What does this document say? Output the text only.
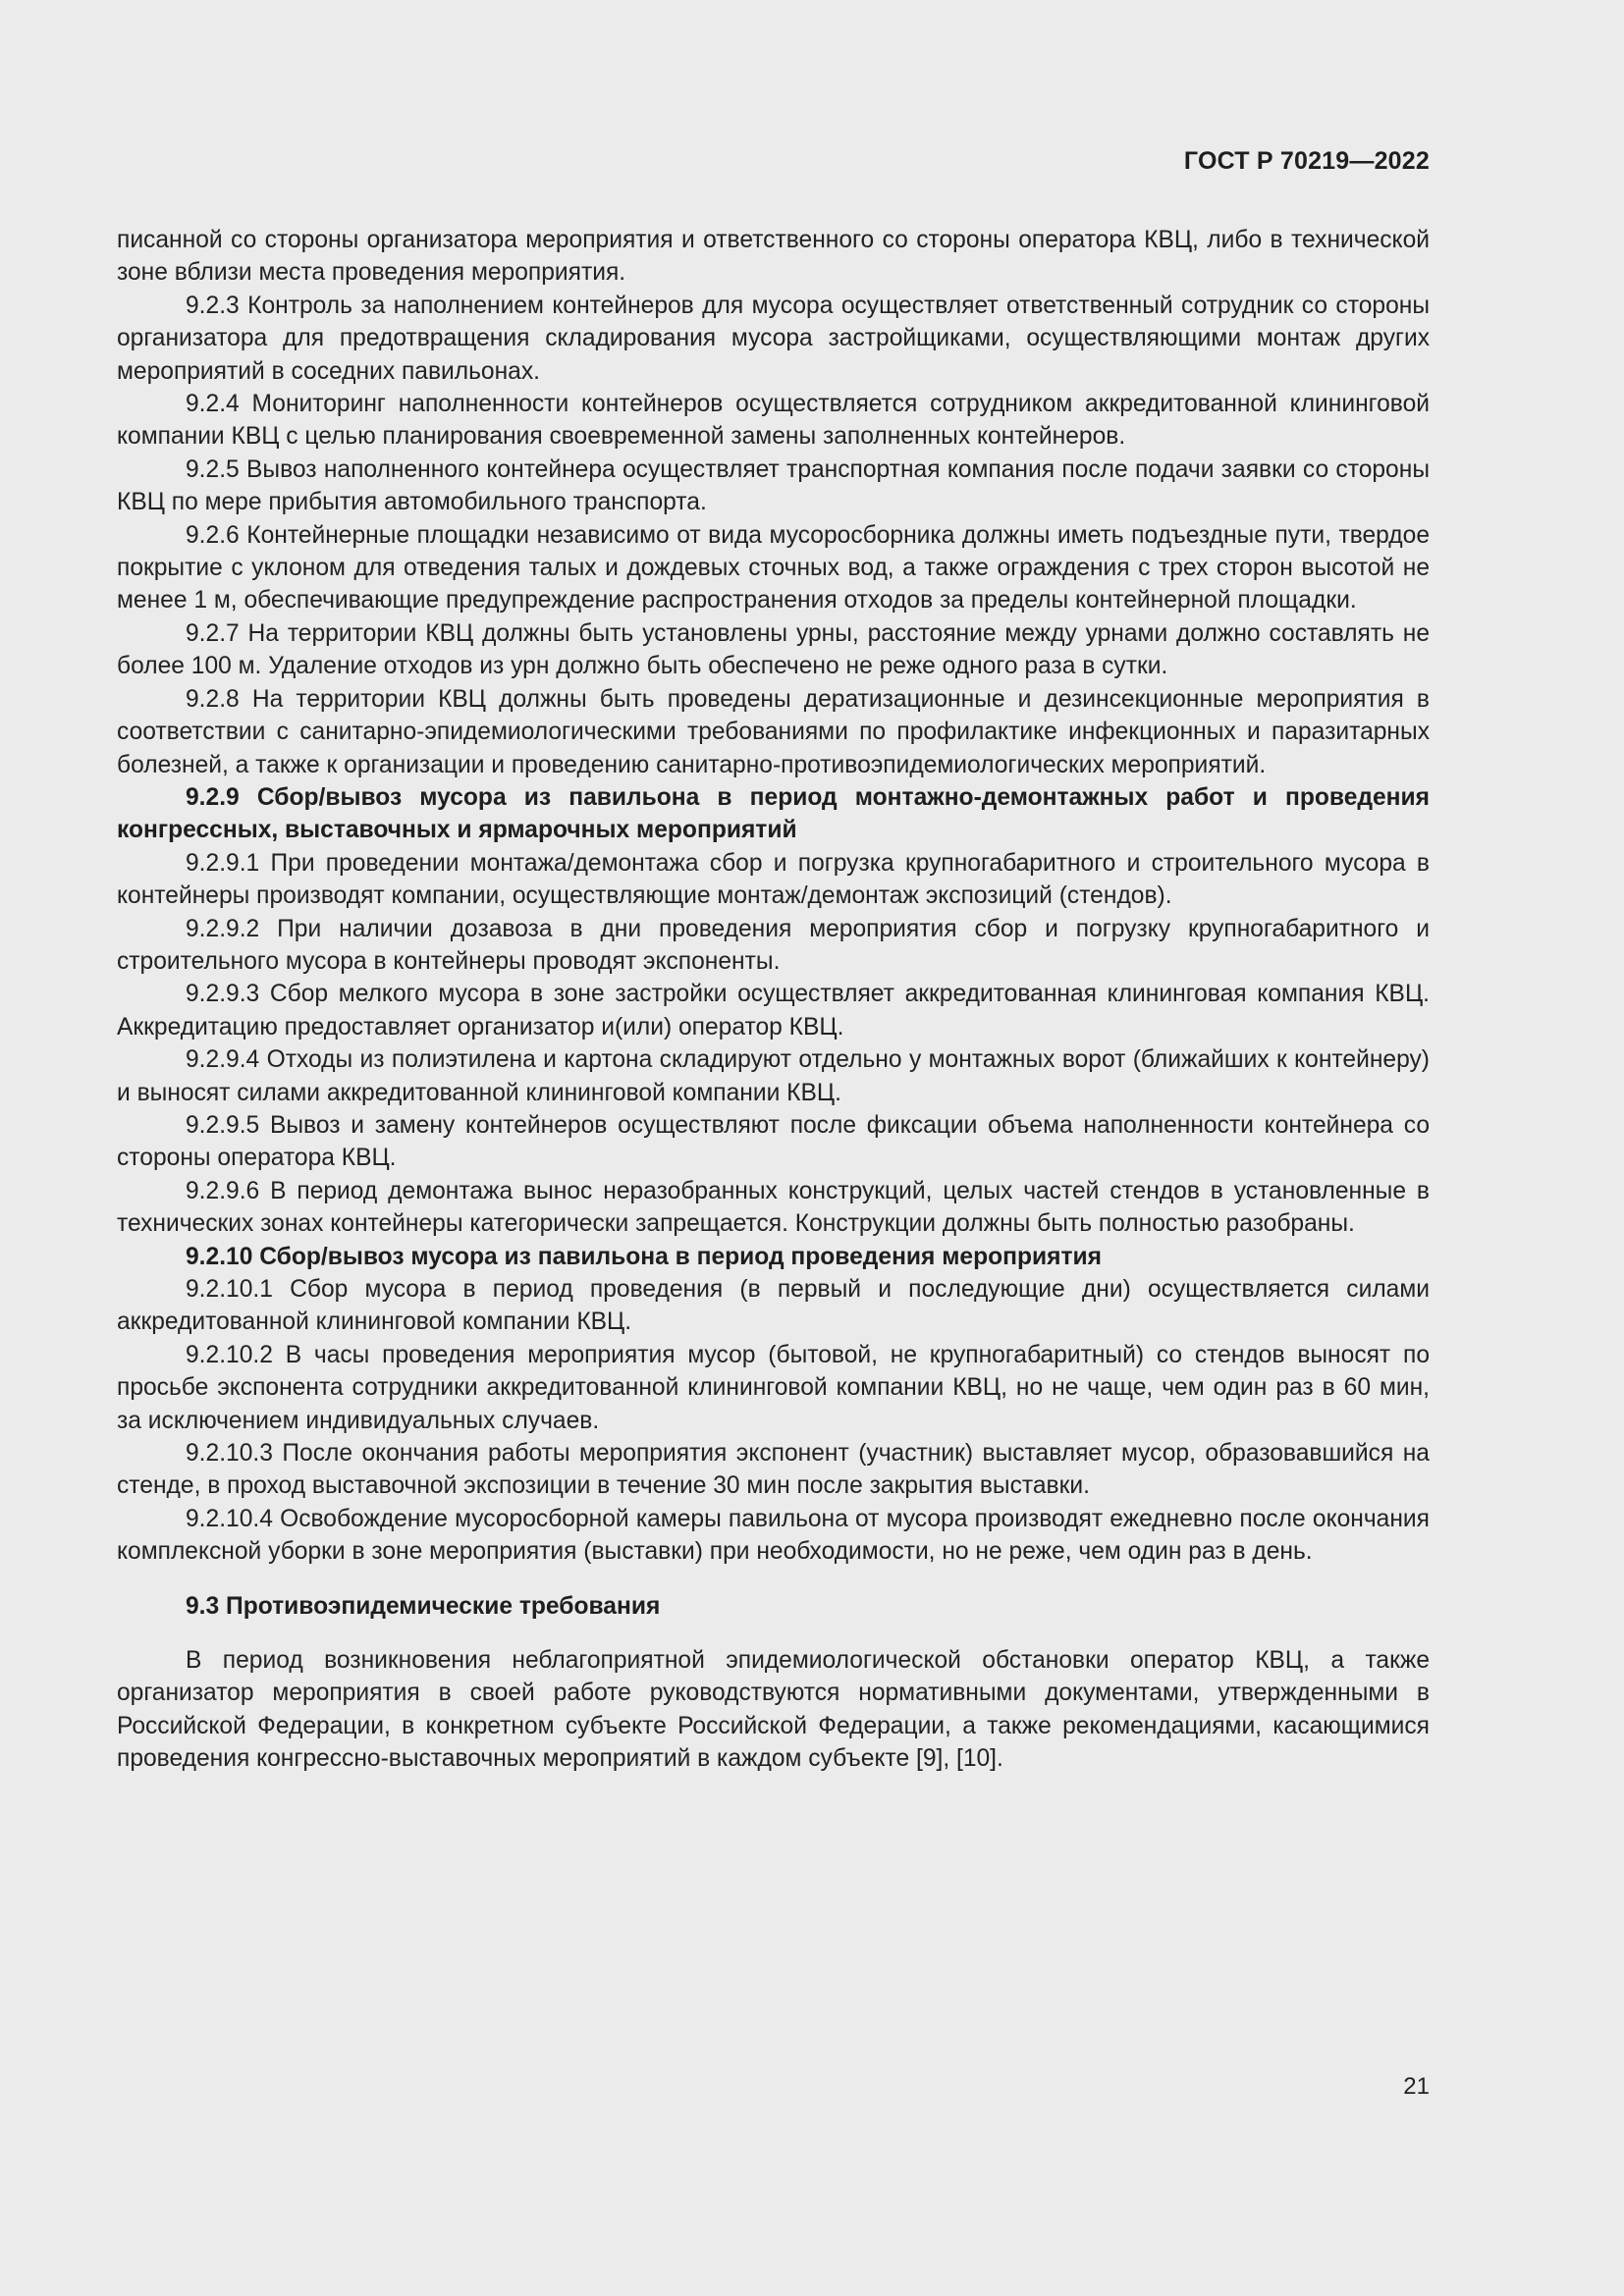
ГОСТ Р 70219—2022

писанной со стороны организатора мероприятия и ответственного со стороны оператора КВЦ, либо в технической зоне вблизи места проведения мероприятия.

9.2.3 Контроль за наполнением контейнеров для мусора осуществляет ответственный сотрудник со стороны организатора для предотвращения складирования мусора застройщиками, осуществляющими монтаж других мероприятий в соседних павильонах.

9.2.4 Мониторинг наполненности контейнеров осуществляется сотрудником аккредитованной клининговой компании КВЦ с целью планирования своевременной замены заполненных контейнеров.

9.2.5 Вывоз наполненного контейнера осуществляет транспортная компания после подачи заявки со стороны КВЦ по мере прибытия автомобильного транспорта.

9.2.6 Контейнерные площадки независимо от вида мусоросборника должны иметь подъездные пути, твердое покрытие с уклоном для отведения талых и дождевых сточных вод, а также ограждения с трех сторон высотой не менее 1 м, обеспечивающие предупреждение распространения отходов за пределы контейнерной площадки.

9.2.7 На территории КВЦ должны быть установлены урны, расстояние между урнами должно составлять не более 100 м. Удаление отходов из урн должно быть обеспечено не реже одного раза в сутки.

9.2.8 На территории КВЦ должны быть проведены дератизационные и дезинсекционные мероприятия в соответствии с санитарно-эпидемиологическими требованиями по профилактике инфекционных и паразитарных болезней, а также к организации и проведению санитарно-противоэпидемиологических мероприятий.

9.2.9 Сбор/вывоз мусора из павильона в период монтажно-демонтажных работ и проведения конгрессных, выставочных и ярмарочных мероприятий

9.2.9.1 При проведении монтажа/демонтажа сбор и погрузка крупногабаритного и строительного мусора в контейнеры производят компании, осуществляющие монтаж/демонтаж экспозиций (стендов).

9.2.9.2 При наличии дозавоза в дни проведения мероприятия сбор и погрузку крупногабаритного и строительного мусора в контейнеры проводят экспоненты.

9.2.9.3 Сбор мелкого мусора в зоне застройки осуществляет аккредитованная клининговая компания КВЦ. Аккредитацию предоставляет организатор и(или) оператор КВЦ.

9.2.9.4 Отходы из полиэтилена и картона складируют отдельно у монтажных ворот (ближайших к контейнеру) и выносят силами аккредитованной клининговой компании КВЦ.

9.2.9.5 Вывоз и замену контейнеров осуществляют после фиксации объема наполненности контейнера со стороны оператора КВЦ.

9.2.9.6 В период демонтажа вынос неразобранных конструкций, целых частей стендов в установленные в технических зонах контейнеры категорически запрещается. Конструкции должны быть полностью разобраны.

9.2.10 Сбор/вывоз мусора из павильона в период проведения мероприятия

9.2.10.1 Сбор мусора в период проведения (в первый и последующие дни) осуществляется силами аккредитованной клининговой компании КВЦ.

9.2.10.2 В часы проведения мероприятия мусор (бытовой, не крупногабаритный) со стендов выносят по просьбе экспонента сотрудники аккредитованной клининговой компании КВЦ, но не чаще, чем один раз в 60 мин, за исключением индивидуальных случаев.

9.2.10.3 После окончания работы мероприятия экспонент (участник) выставляет мусор, образовавшийся на стенде, в проход выставочной экспозиции в течение 30 мин после закрытия выставки.

9.2.10.4 Освобождение мусоросборной камеры павильона от мусора производят ежедневно после окончания комплексной уборки в зоне мероприятия (выставки) при необходимости, но не реже, чем один раз в день.

9.3 Противоэпидемические требования

В период возникновения неблагоприятной эпидемиологической обстановки оператор КВЦ, а также организатор мероприятия в своей работе руководствуются нормативными документами, утвержденными в Российской Федерации, в конкретном субъекте Российской Федерации, а также рекомендациями, касающимися проведения конгрессно-выставочных мероприятий в каждом субъекте [9], [10].

21
